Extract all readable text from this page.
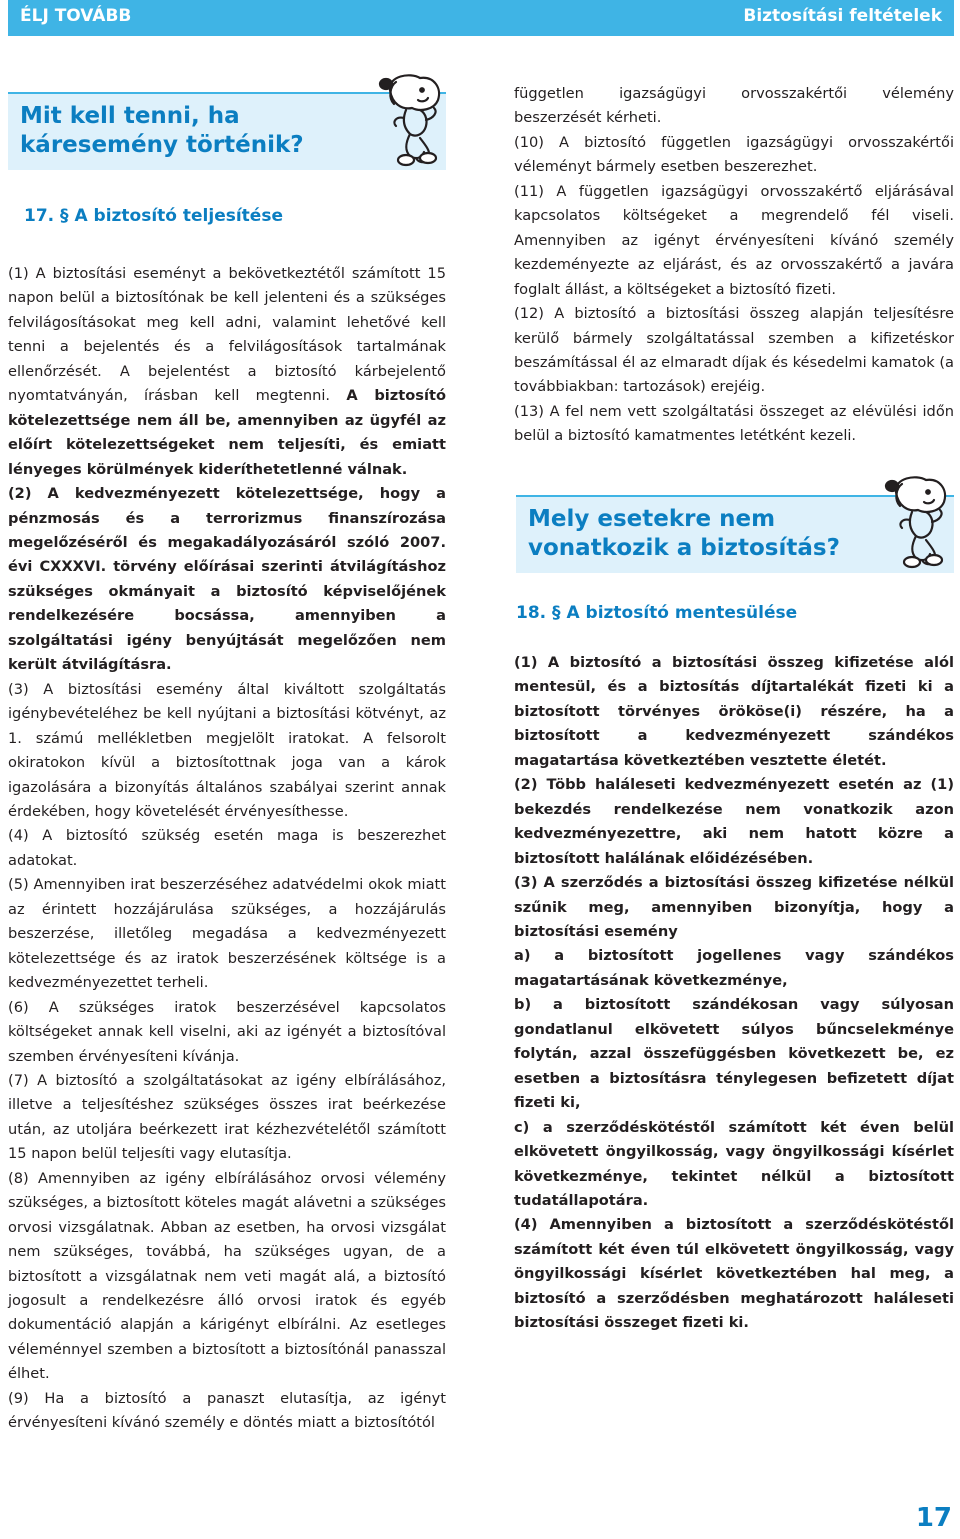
ÉLJ TOVÁBB	Biztosítási feltételek
Mit kell tenni, ha
káresemény történik?
17. § A biztosító teljesítése

(1) A biztosítási eseményt a bekövetkeztétől számított 15 napon belül a biztosítónak be kell jelenteni és a szükséges felvilágosításokat meg kell adni, valamint lehetővé kell tenni a bejelentés és a felvilágosítások tartalmának ellenőrzését. A bejelentést a biztosító kárbejelentő nyomtatványán, írásban kell megtenni. A biztosító kötelezettsége nem áll be, amennyiben az ügyfél az előírt kötelezettségeket nem teljesíti, és emiatt lényeges körülmények kideríthetetlenné válnak.

(2) A kedvezményezett kötelezettsége, hogy a pénzmosás és a terrorizmus finanszírozása megelőzéséről és megakadályozásáról szóló 2007. évi CXXXVI. törvény előírásai szerinti átvilágításhoz szükséges okmányait a biztosító képviselőjének rendelkezésére bocsássa, amennyiben a szolgáltatási igény benyújtását megelőzően nem került átvilágításra.

(3) A biztosítási esemény által kiváltott szolgáltatás igénybevételéhez be kell nyújtani a biztosítási kötvényt, az 1. számú mellékletben megjelölt iratokat. A felsorolt okiratokon kívül a biztosítottnak joga van a károk igazolására a bizonyítás általános szabályai szerint annak érdekében, hogy követelését érvényesíthesse.

(4) A biztosító szükség esetén maga is beszerezhet adatokat.

(5) Amennyiben irat beszerzéséhez adatvédelmi okok miatt az érintett hozzájárulása szükséges, a hozzájárulás beszerzése, illetőleg megadása a kedvezményezett kötelezettsége és az iratok beszerzésének költsége is a kedvezményezettet terheli.

(6) A szükséges iratok beszerzésével kapcsolatos költségeket annak kell viselni, aki az igényét a biztosítóval szemben érvényesíteni kívánja.

(7) A biztosító a szolgáltatásokat az igény elbírálásához, illetve a teljesítéshez szükséges összes irat beérkezése után, az utoljára beérkezett irat kézhezvételétől számított 15 napon belül teljesíti vagy elutasítja.

(8) Amennyiben az igény elbírálásához orvosi vélemény szükséges, a biztosított köteles magát alávetni a szükséges orvosi vizsgálatnak. Abban az esetben, ha orvosi vizsgálat nem szükséges, továbbá, ha szükséges ugyan, de a biztosított a vizsgálatnak nem veti magát alá, a biztosító jogosult a rendelkezésre álló orvosi iratok és egyéb dokumentáció alapján a kárigényt elbírálni. Az esetleges véleménnyel szemben a biztosított a biztosítónál panasszal élhet.

(9) Ha a biztosító a panaszt elutasítja, az igényt érvényesíteni kívánó személy e döntés miatt a biztosítótól

független igazságügyi orvosszakértői vélemény beszerzését kérheti.

(10) A biztosító független igazságügyi orvosszakértői véleményt bármely esetben beszerezhet.

(11) A független igazságügyi orvosszakértő eljárásával kapcsolatos költségeket a megrendelő fél viseli. Amennyiben az igényt érvényesíteni kívánó személy kezdeményezte az eljárást, és az orvosszakértő a javára foglalt állást, a költségeket a biztosító fizeti.

(12) A biztosító a biztosítási összeg alapján teljesítésre kerülő bármely szolgáltatással szemben a kifizetéskor beszámítással él az elmaradt díjak és késedelmi kamatok (a továbbiakban: tartozások) erejéig.

(13) A fel nem vett szolgáltatási összeget az elévülési időn belül a biztosító kamatmentes letétként kezeli.

Mely esetekre nem
vonatkozik a biztosítás?
18. § A biztosító mentesülése

(1) A biztosító a biztosítási összeg kifizetése alól mentesül, és a biztosítás díjtartalékát fizeti ki a biztosított törvényes örököse(i) részére, ha a biztosított a kedvezményezett szándékos magatartása következtében vesztette életét.

(2) Több haláleseti kedvezményezett esetén az (1) bekezdés rendelkezése nem vonatkozik azon kedvezményezettre, aki nem hatott közre a biztosított halálának előidézésében.

(3) A szerződés a biztosítási összeg kifizetése nélkül szűnik meg, amennyiben bizonyítja, hogy a biztosítási esemény

a) a biztosított jogellenes vagy szándékos magatartásának következménye,

b) a biztosított szándékosan vagy súlyosan gondatlanul elkövetett súlyos bűncselekménye folytán, azzal összefüggésben következett be, ez esetben a biztosításra ténylegesen befizetett díjat fizeti ki,

c) a szerződéskötéstől számított két éven belül elkövetett öngyilkosság, vagy öngyilkossági kísérlet következménye, tekintet nélkül a biztosított tudatállapotára.

(4) Amennyiben a biztosított a szerződéskötéstől számított két éven túl elkövetett öngyilkosság, vagy öngyilkossági kísérlet következtében hal meg, a biztosító a szerződésben meghatározott haláleseti biztosítási összeget fizeti ki.

17
